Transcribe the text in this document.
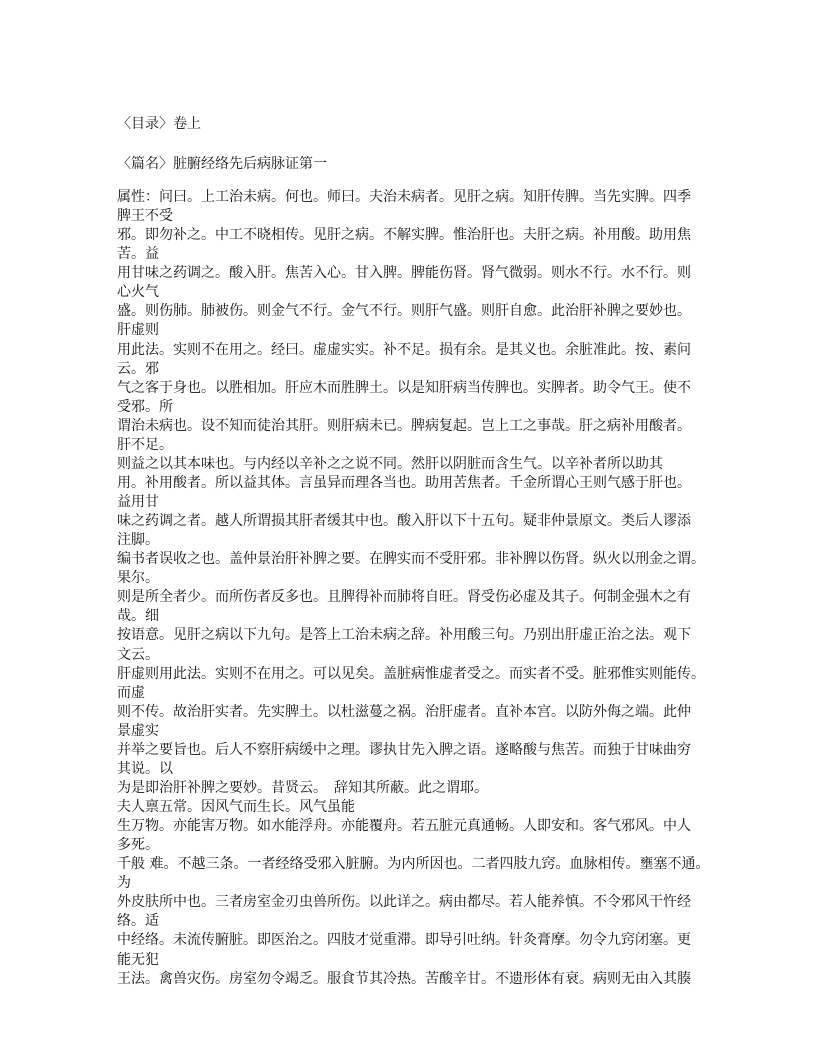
〈目录〉卷上
〈篇名〉脏腑经络先后病脉证第一
属性：问曰。上工治未病。何也。师曰。夫治未病者。见肝之病。知肝传脾。当先实脾。四季
脾王不受
邪。即勿补之。中工不晓相传。见肝之病。不解实脾。惟治肝也。夫肝之病。补用酸。助用焦
苦。益
用甘味之药调之。酸入肝。焦苦入心。甘入脾。脾能伤肾。肾气微弱。则水不行。水不行。则
心火气
盛。则伤肺。肺被伤。则金气不行。金气不行。则肝气盛。则肝自愈。此治肝补脾之要妙也。
肝虚则
用此法。实则不在用之。经曰。虚虚实实。补不足。损有余。是其义也。余脏准此。按、素问
云。邪
气之客于身也。以胜相加。肝应木而胜脾土。以是知肝病当传脾也。实脾者。助令气王。使不
受邪。所
谓治未病也。设不知而徒治其肝。则肝病未已。脾病复起。岂上工之事哉。肝之病补用酸者。
肝不足。
则益之以其本味也。与内经以辛补之之说不同。然肝以阴脏而含生气。以辛补者所以助其
用。补用酸者。所以益其体。言虽异而理各当也。助用苦焦者。千金所谓心王则气感于肝也。
益用甘
味之药调之者。越人所谓损其肝者缓其中也。酸入肝以下十五句。疑非仲景原文。类后人谬添
注脚。
编书者误收之也。盖仲景治肝补脾之要。在脾实而不受肝邪。非补脾以伤肾。纵火以刑金之谓。
果尔。
则是所全者少。而所伤者反多也。且脾得补而肺将自旺。肾受伤必虚及其子。何制金强木之有
哉。细
按语意。见肝之病以下九句。是答上工治未病之辞。补用酸三句。乃别出肝虚正治之法。观下
文云。
肝虚则用此法。实则不在用之。可以见矣。盖脏病惟虚者受之。而实者不受。脏邪惟实则能传。
而虚
则不传。故治肝实者。先实脾土。以杜滋蔓之祸。治肝虚者。直补本宫。以防外侮之端。此仲
景虚实
并举之要旨也。后人不察肝病缓中之理。谬执甘先入脾之语。遂略酸与焦苦。而独于甘味曲穷
其说。以
为是即治肝补脾之要妙。昔贤云。　辞知其所蔽。此之谓耶。
夫人禀五常。因风气而生长。风气虽能
生万物。亦能害万物。如水能浮舟。亦能覆舟。若五脏元真通畅。人即安和。客气邪风。中人
多死。
千般 难。不越三条。一者经络受邪入脏腑。为内所因也。二者四肢九窍。血脉相传。壅塞不通。
为
外皮肤所中也。三者房室金刃虫兽所伤。以此详之。病由都尽。若人能养慎。不令邪风干忤经
络。适
中经络。未流传腑脏。即医治之。四肢才觉重滞。即导引吐纳。针灸膏摩。勿令九窍闭塞。更
能无犯
王法。禽兽灾伤。房室勿令竭乏。服食节其冷热。苦酸辛甘。不遗形体有衰。病则无由入其腠
